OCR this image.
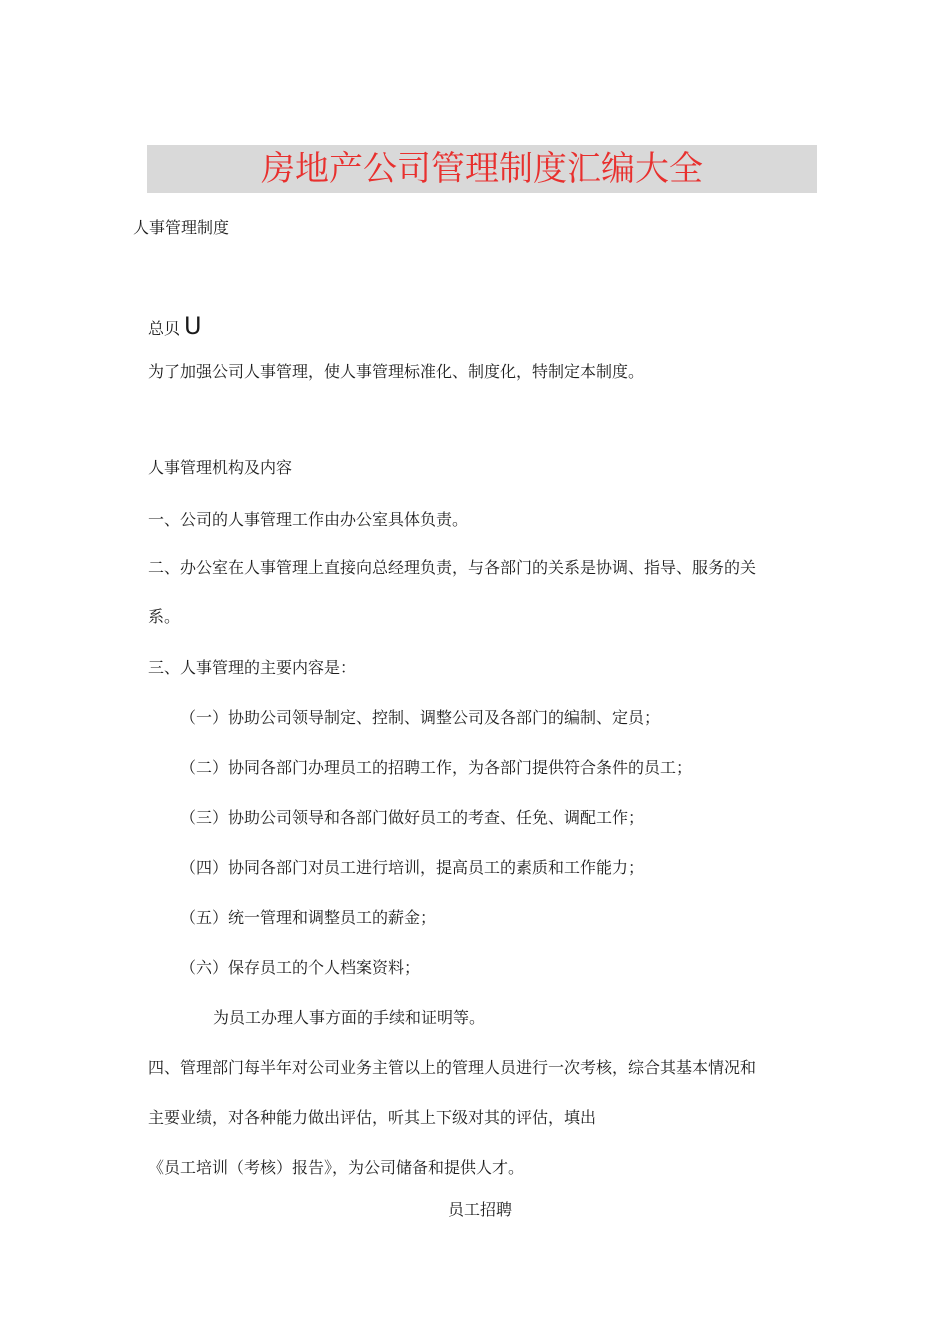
房地产公司管理制度汇编大全
人事管理制度
总贝 U
为了加强公司人事管理，使人事管理标准化、制度化，特制定本制度。
人事管理机构及内容
一、公司的人事管理工作由办公室具体负责。
二、办公室在人事管理上直接向总经理负责，与各部门的关系是协调、指导、服务的关
系。
三、人事管理的主要内容是：
（一）协助公司领导制定、控制、调整公司及各部门的编制、定员；
（二）协同各部门办理员工的招聘工作，为各部门提供符合条件的员工；
（三）协助公司领导和各部门做好员工的考查、任免、调配工作；
（四）协同各部门对员工进行培训，提高员工的素质和工作能力；
（五）统一管理和调整员工的薪金；
（六）保存员工的个人档案资料；
为员工办理人事方面的手续和证明等。
四、管理部门每半年对公司业务主管以上的管理人员进行一次考核，综合其基本情况和
主要业绩，对各种能力做出评估，听其上下级对其的评估，填出
《员工培训（考核）报告》，为公司储备和提供人才。
员工招聘
